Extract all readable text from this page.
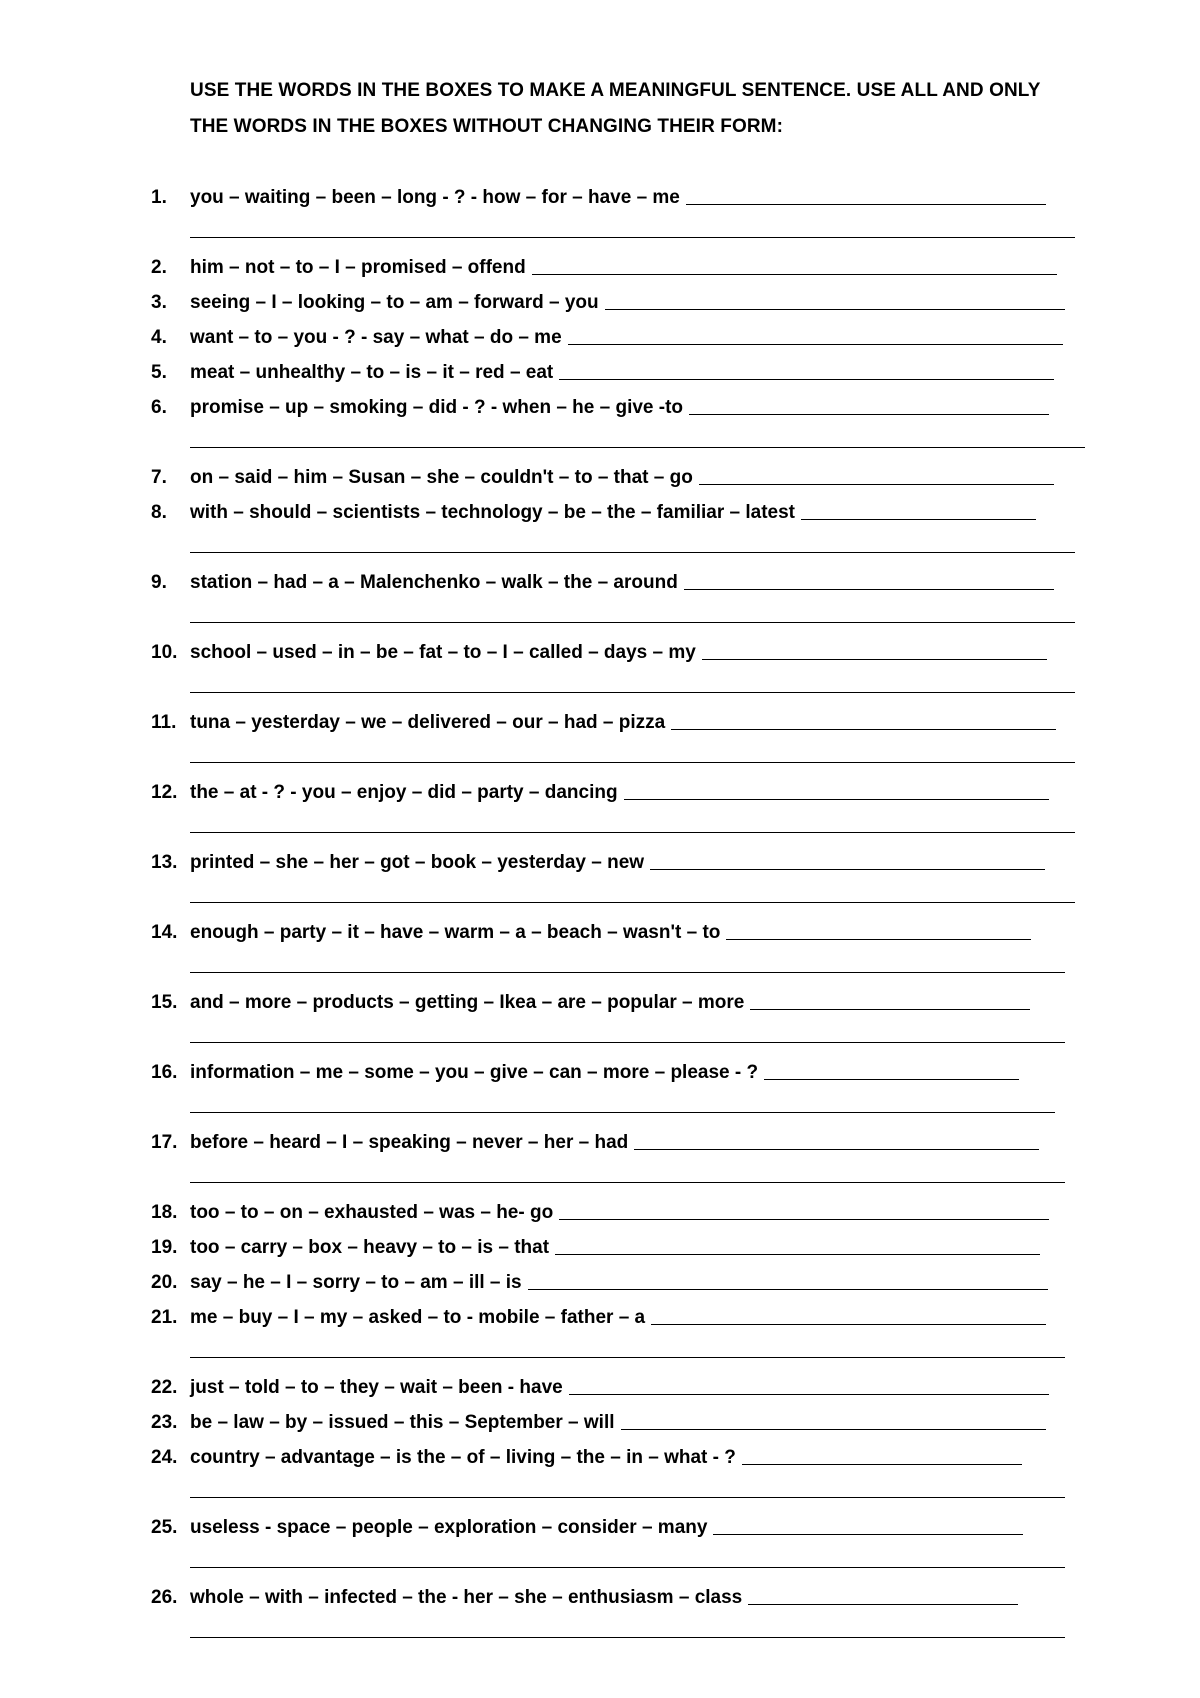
USE THE WORDS IN THE BOXES TO MAKE A MEANINGFUL SENTENCE. USE ALL AND ONLY
THE WORDS IN THE BOXES WITHOUT CHANGING THEIR FORM:
1.	you – waiting – been – long - ? - how – for – have – me
2.	him – not – to – I – promised – offend
3.	seeing – I – looking – to – am – forward – you
4.	want – to – you - ? - say – what – do – me
5.	meat – unhealthy – to – is – it – red – eat
6.	promise – up – smoking – did - ? - when – he – give -to
7.	on – said – him – Susan – she – couldn't – to – that – go
8.	with – should – scientists – technology – be – the – familiar – latest
9.	station – had – a – Malenchenko – walk – the – around
10. school – used – in – be – fat – to – I – called – days – my
11. tuna – yesterday – we – delivered – our – had – pizza
12. the – at - ? - you – enjoy – did – party – dancing
13. printed – she – her – got – book – yesterday – new
14. enough – party – it – have – warm – a – beach – wasn't – to
15. and – more – products – getting – Ikea – are – popular – more
16. information – me – some – you – give – can – more – please - ?
17. before – heard – I – speaking – never – her – had
18. too – to – on – exhausted – was – he- go
19. too – carry – box – heavy – to – is – that
20. say – he – I – sorry – to – am – ill – is
21. me – buy – I – my – asked – to - mobile – father – a
22. just – told – to – they – wait – been - have
23. be – law – by – issued – this – September – will
24. country – advantage – is the – of – living – the – in – what - ?
25. useless - space – people – exploration – consider – many
26. whole – with – infected – the - her – she – enthusiasm – class
